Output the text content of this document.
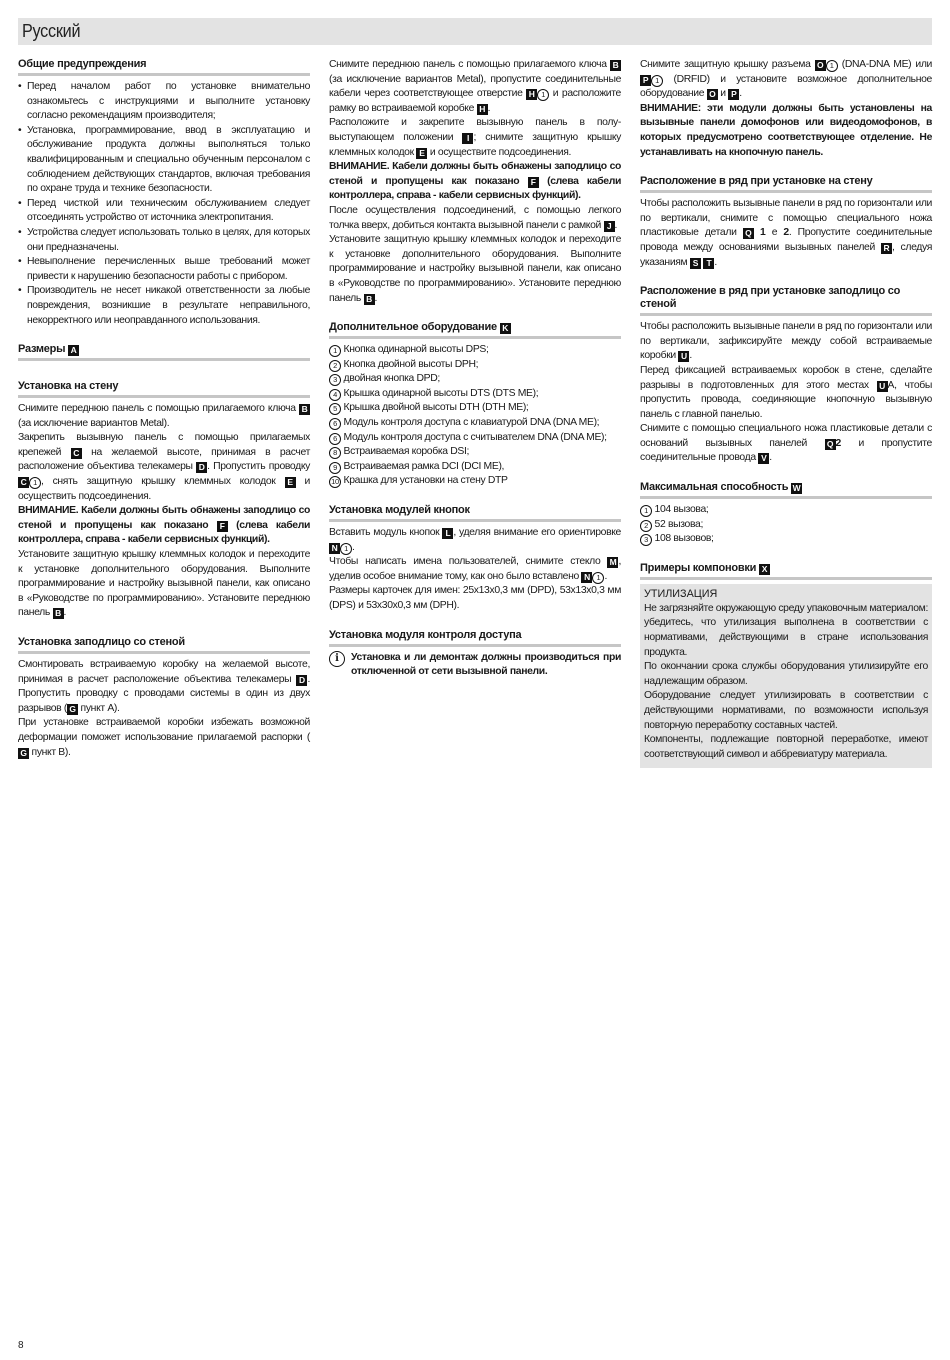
Русский
Общие предупреждения
• Перед началом работ по установке внимательно ознакомьтесь с инструкциями и выполните установку согласно рекомендациям производителя;
• Установка, программирование, ввод в эксплуатацию и обслуживание продукта должны выполняться только квалифицированным и специально обученным персоналом с соблюдением действующих стандартов, включая требования по охране труда и технике безопасности.
• Перед чисткой или техническим обслуживанием следует отсоединять устройство от источника электропитания.
• Устройства следует использовать только в целях, для которых они предназначены.
• Невыполнение перечисленных выше требований может привести к нарушению безопасности работы с прибором.
• Производитель не несет никакой ответственности за любые повреждения, возникшие в результате неправильного, некорректного или неоправданного использования.
Размеры A
Установка на стену

Снимите переднюю панель с помощью прилагаемого ключа B (за исключение вариантов Metal).

Закрепить вызывную панель с помощью прилагаемых крепежей C на желаемой высоте, принимая в расчет расположение объектива телекамеры D . Пропустить проводку C 1 , снять защитную крышку клеммных колодок E и осуществить подсоединения.

ВНИМАНИЕ. Кабели должны быть обнажены заподлицо со стеной и пропущены как показано F (слева кабели контроллера, справа - кабели сервисных функций).

Установите защитную крышку клеммных колодок и переходите к установке дополнительного оборудования. Выполните программирование и настройку вызывной панели, как описано в «Руководстве по программированию». Установите переднюю панель B .

Установка заподлицо со стеной

Смонтировать встраиваемую коробку на желаемой высоте, принимая в расчет расположение объектива телекамеры D . Пропустить проводку с проводами системы в один из двух разрывов ( G пункт A).

При установке встраиваемой коробки избежать возможной деформации поможет использование прилагаемой распорки (G пункт B).

Снимите переднюю панель с помощью прилагаемого ключа B (за исключение вариантов Metal), пропустите соединительные кабели через соответствующее отверстие H 1 и расположите рамку во встраиваемой коробке H .

Расположите и закрепите вызывную панель в полу-выступающем положении I ; снимите защитную крышку клеммных колодок E и осуществите подсоединения.

ВНИМАНИЕ. Кабели должны быть обнажены заподлицо со стеной и пропущены как показано F (слева кабели контроллера, справа - кабели сервисных функций).

После осуществления подсоединений, с помощью легкого толчка вверх, добиться контакта вызывной панели с рамкой J .

Установите защитную крышку клеммных колодок и переходите к установке дополнительного оборудования. Выполните программирование и настройку вызывной панели, как описано в «Руководстве по программированию». Установите переднюю панель B .

Дополнительное оборудование K
1 Кнопка одинарной высоты DPS;
2 Кнопка двойной высоты DPH;
3 двойная кнопка DPD;
4 Крышка одинарной высоты DTS (DTS ME);
5 Крышка двойной высоты DTH (DTH ME);
6 Модуль контроля доступа с клавиатурой DNA (DNA ME);
6 Модуль контроля доступа с считывателем DNA (DNA ME);
8 Встраиваемая коробка DSI;
9 Встраиваемая рамка DCI (DCI ME),
10 Крашка для установки на стену DTP
Установка модулей кнопок

Вставить модуль кнопок L , уделяя внимание его ориентировке N 1 .

Чтобы написать имена пользователей, снимите стекло M , уделив особое внимание тому, как оно было вставлено N 1 .

Размеры карточек для имен: 25x13x0,3 мм (DPD), 53x13x0,3 мм (DPS) и 53x30x0,3 мм (DPH).

Установка модуля контроля доступа
i	Установка и ли демонтаж должны производиться при отключенной от сети вызывной панели.

Снимите защитную крышку разъема O 1 (DNA-DNA ME) или P 1 (DRFID) и установите возможное дополнительное оборудование O и P .

ВНИМАНИЕ: эти модули должны быть установлены на вызывные панели домофонов или видеодомофонов, в которых предусмотрено соответствующее отделение. Не устанавливать на кнопочную панель.

Расположение в ряд при установке на стену

Чтобы расположить вызывные панели в ряд по горизонтали или по вертикали, снимите с помощью специального ножа пластиковые детали Q 1 е 2. Пропустите соединительные провода между основаниями вызывных панелей R , следуя указаниям S T .

Расположение в ряд при установке заподлицо со стеной

Чтобы расположить вызывные панели в ряд по горизонтали или по вертикали, зафиксируйте между собой встраиваемые коробки U .

Перед фиксацией встраиваемых коробок в стене, сделайте разрывы в подготовленных для этого местах U A, чтобы пропустить провода, соединяющие кнопочную вызывную панель с главной панелью.

Снимите с помощью специального ножа пластиковые детали с оснований вызывных панелей Q 2 и пропустите соединительные провода V .

Максимальная способность W
1 104 вызова;
2 52 вызова;
3 108 вызовов;
Примеры компоновки X
УТИЛИЗАЦИЯ

Не загрязняйте окружающую среду упаковочным материалом: убедитесь, что утилизация выполнена в соответствии с нормативами, действующими в стране использования продукта.

По окончании срока службы оборудования утилизируйте его надлежащим образом.

Оборудование следует утилизировать в соответствии с действующими нормативами, по возможности используя повторную переработку составных частей.

Компоненты, подлежащие повторной переработке, имеют соответствующий символ и аббревиатуру материала.

8
